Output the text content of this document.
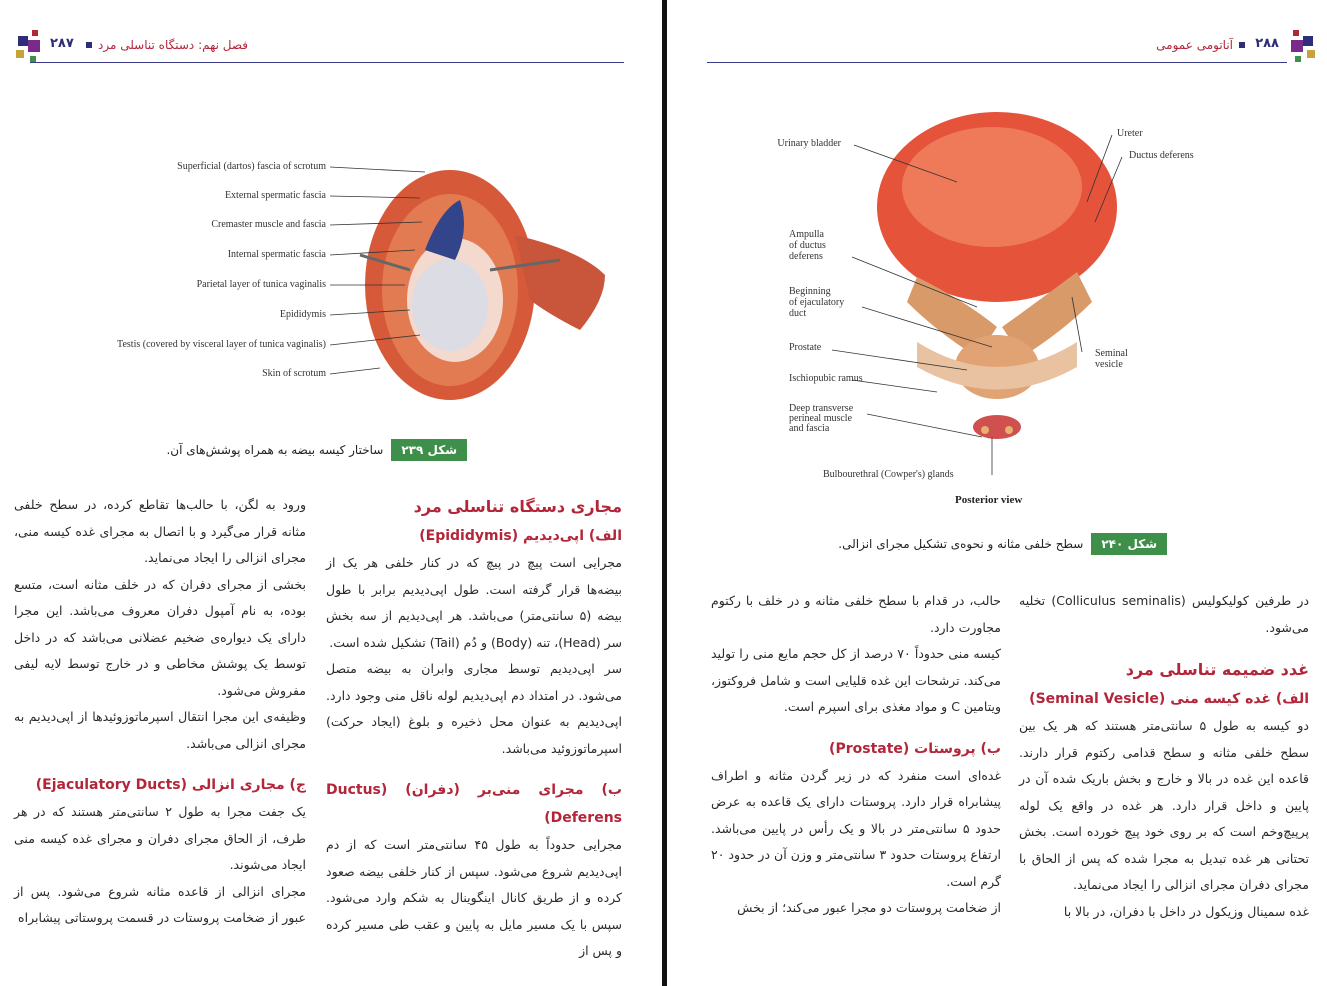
۲۸۷ فصل نهم: دستگاه تناسلی مرد
Superficial (dartos) fascia of scrotum
External spermatic fascia
Cremaster muscle and fascia
Internal spermatic fascia
Parietal layer of tunica vaginalis
Epididymis
Testis (covered by visceral layer of tunica vaginalis)
Skin of scrotum
شکل ۲۳۹
ساختار کیسه بیضه به همراه پوشش‌های آن.

مجاری دستگاه تناسلی مرد

الف) اپی‌دیدیم (Epididymis)

مجرایی است پیچ در پیچ که در کنار خلفی هر یک از بیضه‌ها قرار گرفته است. طول اپی‌دیدیم برابر با طول بیضه (۵ سانتی‌متر) می‌باشد. هر اپی‌دیدیم از سه بخش سر (Head)، تنه (Body) و دُم (Tail) تشکیل شده است.

سر اپی‌دیدیم توسط مجاری وابران به بیضه متصل می‌شود. در امتداد دم اپی‌دیدیم لوله ناقل منی وجود دارد. اپی‌دیدیم به عنوان محل ذخیره و بلوغ (ایجاد حرکت) اسپرماتوزوئید می‌باشد.

ب) مجرای منی‌بر (دفران) (Ductus Deferens)

مجرایی حدوداً به طول ۴۵ سانتی‌متر است که از دم اپی‌دیدیم شروع می‌شود. سپس از کنار خلفی بیضه صعود کرده و از طریق کانال اینگوینال به شکم وارد می‌شود. سپس با یک مسیر مایل به پایین و عقب طی مسیر کرده و پس از

ورود به لگن، با حالب‌ها تقاطع کرده، در سطح خلفی مثانه قرار می‌گیرد و با اتصال به مجرای غده کیسه منی، مجرای انزالی را ایجاد می‌نماید.

بخشی از مجرای دفران که در خلف مثانه است، متسع بوده، به نام آمپول دفران معروف می‌باشد. این مجرا دارای یک دیواره‌ی ضخیم عضلانی می‌باشد که در داخل توسط یک پوشش مخاطی و در خارج توسط لایه لیفی مفروش می‌شود.

وظیفه‌ی این مجرا انتقال اسپرماتوزوئیدها از اپی‌دیدیم به مجرای انزالی می‌باشد.

ج) مجاری انزالی (Ejaculatory Ducts)

یک جفت مجرا به طول ۲ سانتی‌متر هستند که در هر طرف، از الحاق مجرای دفران و مجرای غده کیسه منی ایجاد می‌شوند.

مجرای انزالی از قاعده مثانه شروع می‌شود. پس از عبور از ضخامت پروستات در قسمت پروستاتی پیشابراه

آناتومی عمومی ۲۸۸
Urinary bladder
Ureter
Ductus deferens
Ampulla
of ductus
deferens
Beginning
of ejaculatory
duct
Prostate
Ischiopubic ramus
Deep transverse
perineal muscle
and fascia
Bulbourethral (Cowper's) glands
Seminal
vesicle
Posterior view
شکل ۲۴۰
سطح خلفی مثانه و نحوه‌ی تشکیل مجرای انزالی.

در طرفین کولیکولیس (Colliculus seminalis) تخلیه می‌شود.

غدد ضمیمه تناسلی مرد

الف) غده کیسه منی (Seminal Vesicle)

دو کیسه به طول ۵ سانتی‌متر هستند که هر یک بین سطح خلفی مثانه و سطح قدامی رکتوم قرار دارند. قاعده این غده در بالا و خارج و بخش باریک شده آن در پایین و داخل قرار دارد. هر غده در واقع یک لوله پرپیچ‌وخم است که بر روی خود پیچ خورده است. بخش تحتانی هر غده تبدیل به مجرا شده که پس از الحاق با مجرای دفران مجرای انزالی را ایجاد می‌نماید.

غده سمینال وزیکول در داخل با دفران، در بالا با

حالب، در قدام با سطح خلفی مثانه و در خلف با رکتوم مجاورت دارد.

کیسه منی حدوداً ۷۰ درصد از کل حجم مایع منی را تولید می‌کند. ترشحات این غده قلیایی است و شامل فروکتوز، ویتامین C و مواد مغذی برای اسپرم است.

ب) پروستات (Prostate)

غده‌ای است منفرد که در زیر گردن مثانه و اطراف پیشابراه قرار دارد. پروستات دارای یک قاعده به عرض حدود ۵ سانتی‌متر در بالا و یک رأس در پایین می‌باشد. ارتفاع پروستات حدود ۳ سانتی‌متر و وزن آن در حدود ۲۰ گرم است.

از ضخامت پروستات دو مجرا عبور می‌کند؛ از بخش
